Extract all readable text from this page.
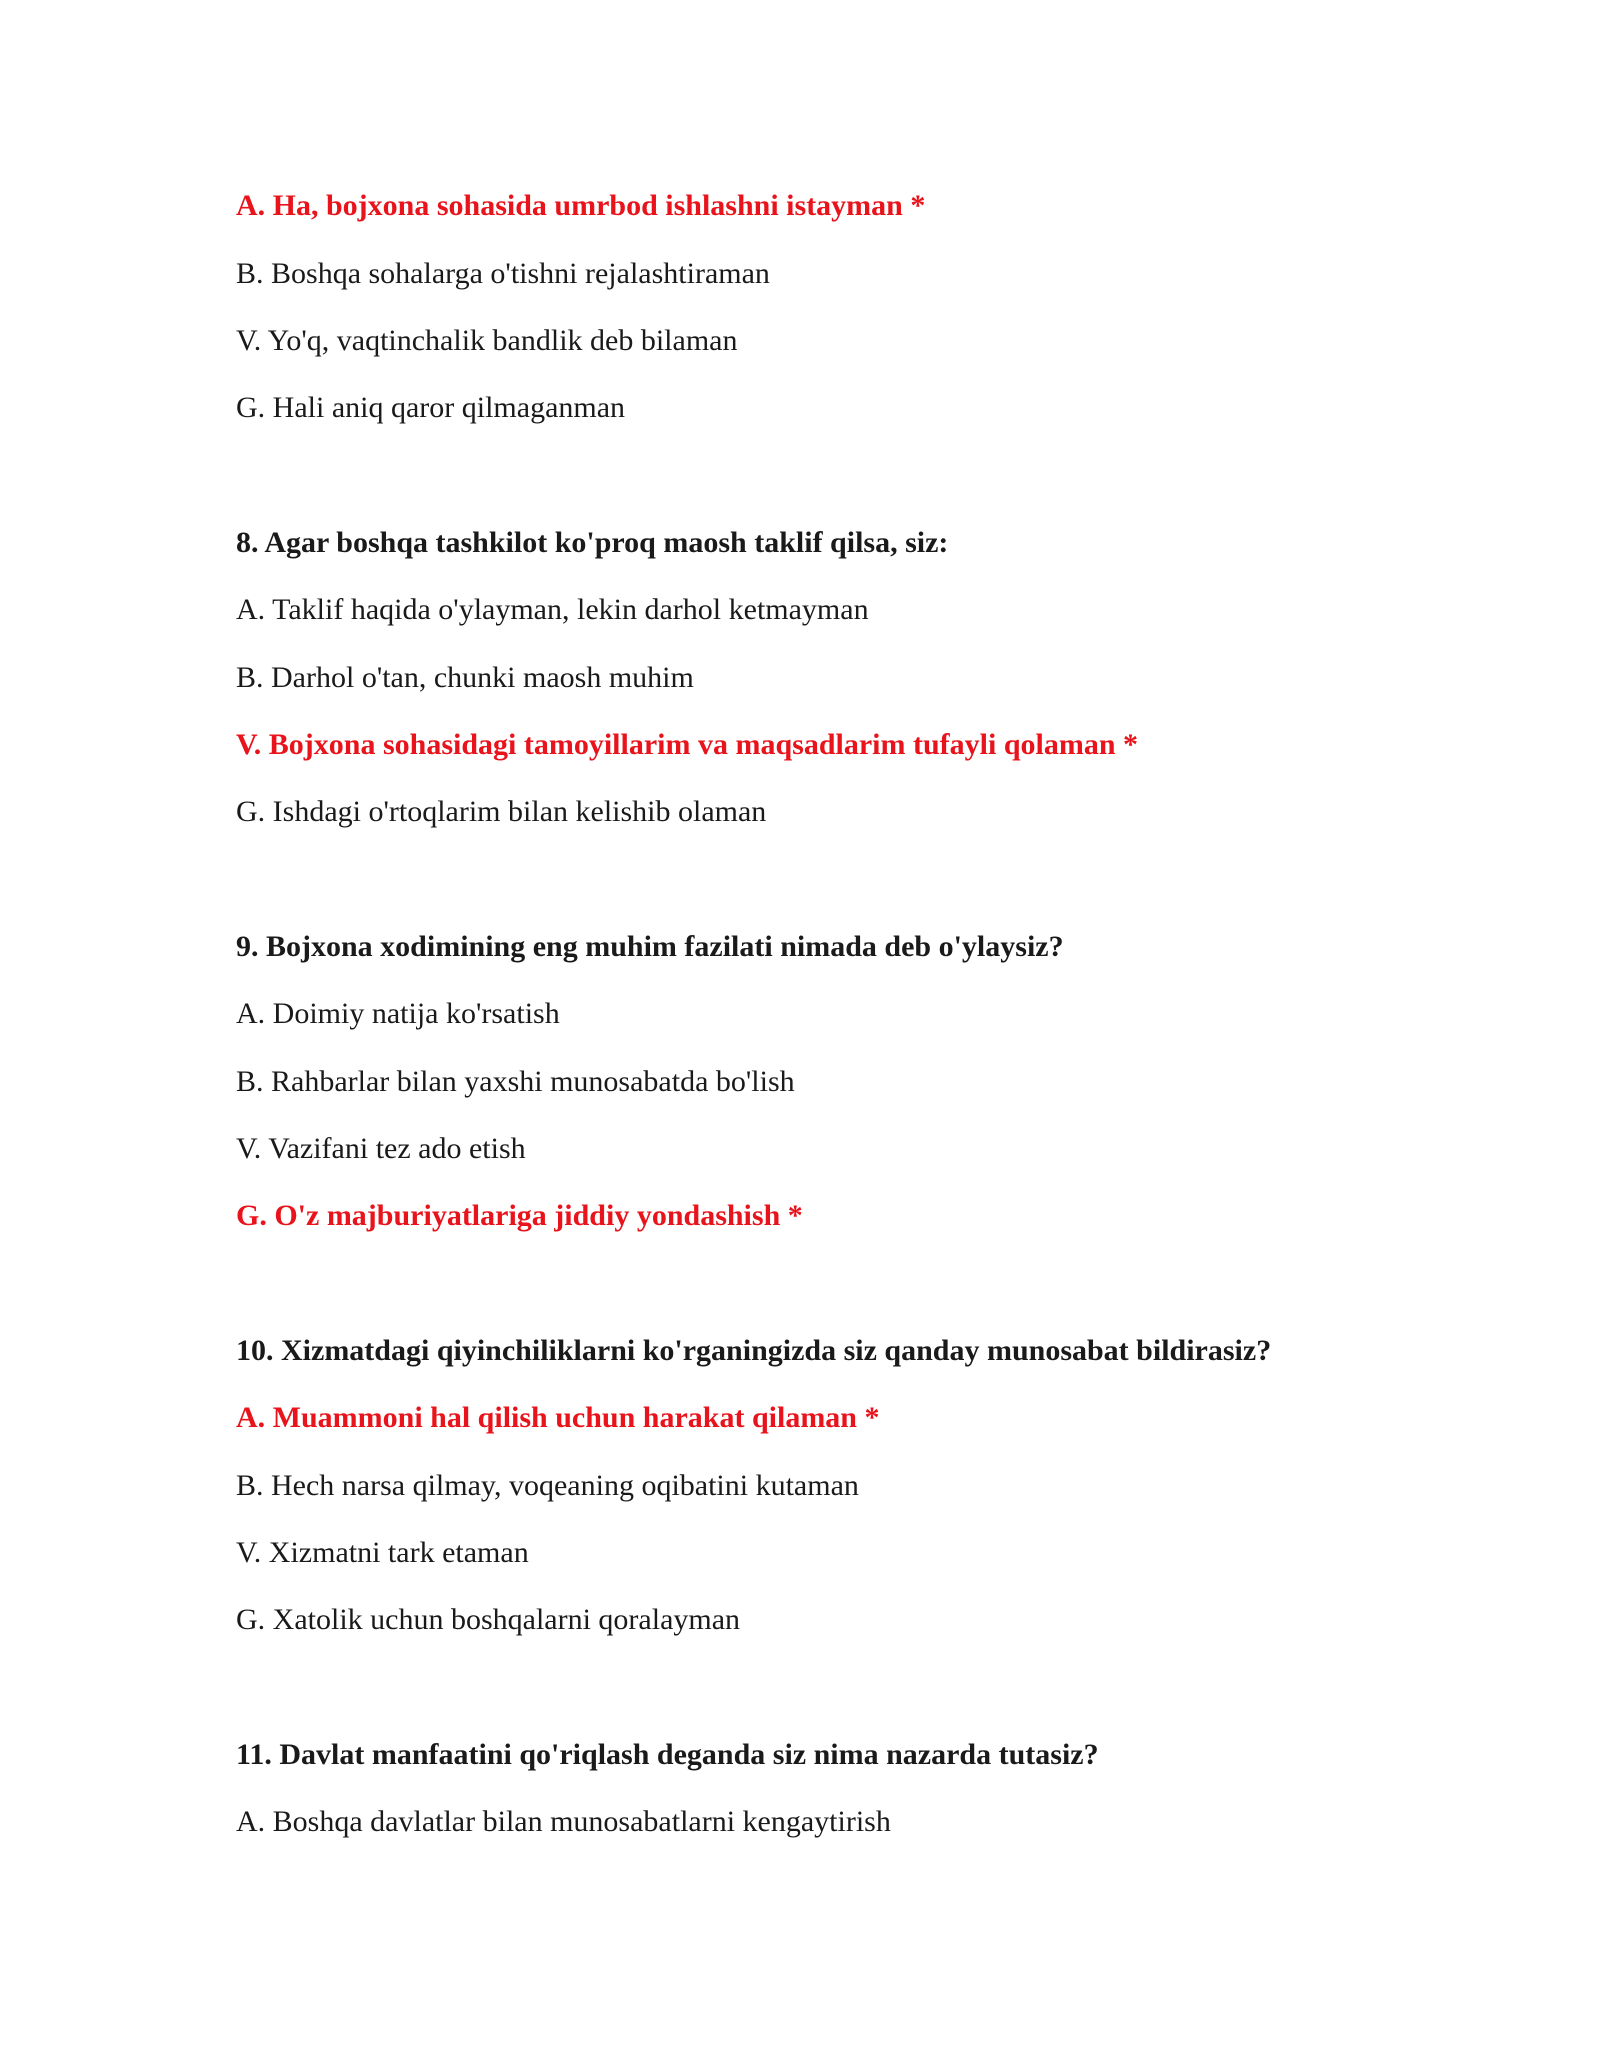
A. Ha, bojxona sohasida umrbod ishlashni istayman *
B. Boshqa sohalarga o'tishni rejalashtiraman
V. Yo'q, vaqtinchalik bandlik deb bilaman
G. Hali aniq qaror qilmaganman
8. Agar boshqa tashkilot ko'proq maosh taklif qilsa, siz:
A. Taklif haqida o'ylayman, lekin darhol ketmayman
B. Darhol o'tan, chunki maosh muhim
V. Bojxona sohasidagi tamoyillarim va maqsadlarim tufayli qolaman *
G. Ishdagi o'rtoqlarim bilan kelishib olaman
9. Bojxona xodimining eng muhim fazilati nimada deb o'ylaysiz?
A. Doimiy natija ko'rsatish
B. Rahbarlar bilan yaxshi munosabatda bo'lish
V. Vazifani tez ado etish
G. O'z majburiyatlariga jiddiy yondashish *
10. Xizmatdagi qiyinchiliklarni ko'rganingizda siz qanday munosabat bildirasiz?
A. Muammoni hal qilish uchun harakat qilaman *
B. Hech narsa qilmay, voqeaning oqibatini kutaman
V. Xizmatni tark etaman
G. Xatolik uchun boshqalarni qoralayman
11. Davlat manfaatini qo'riqlash deganda siz nima nazarda tutasiz?
A. Boshqa davlatlar bilan munosabatlarni kengaytirish
